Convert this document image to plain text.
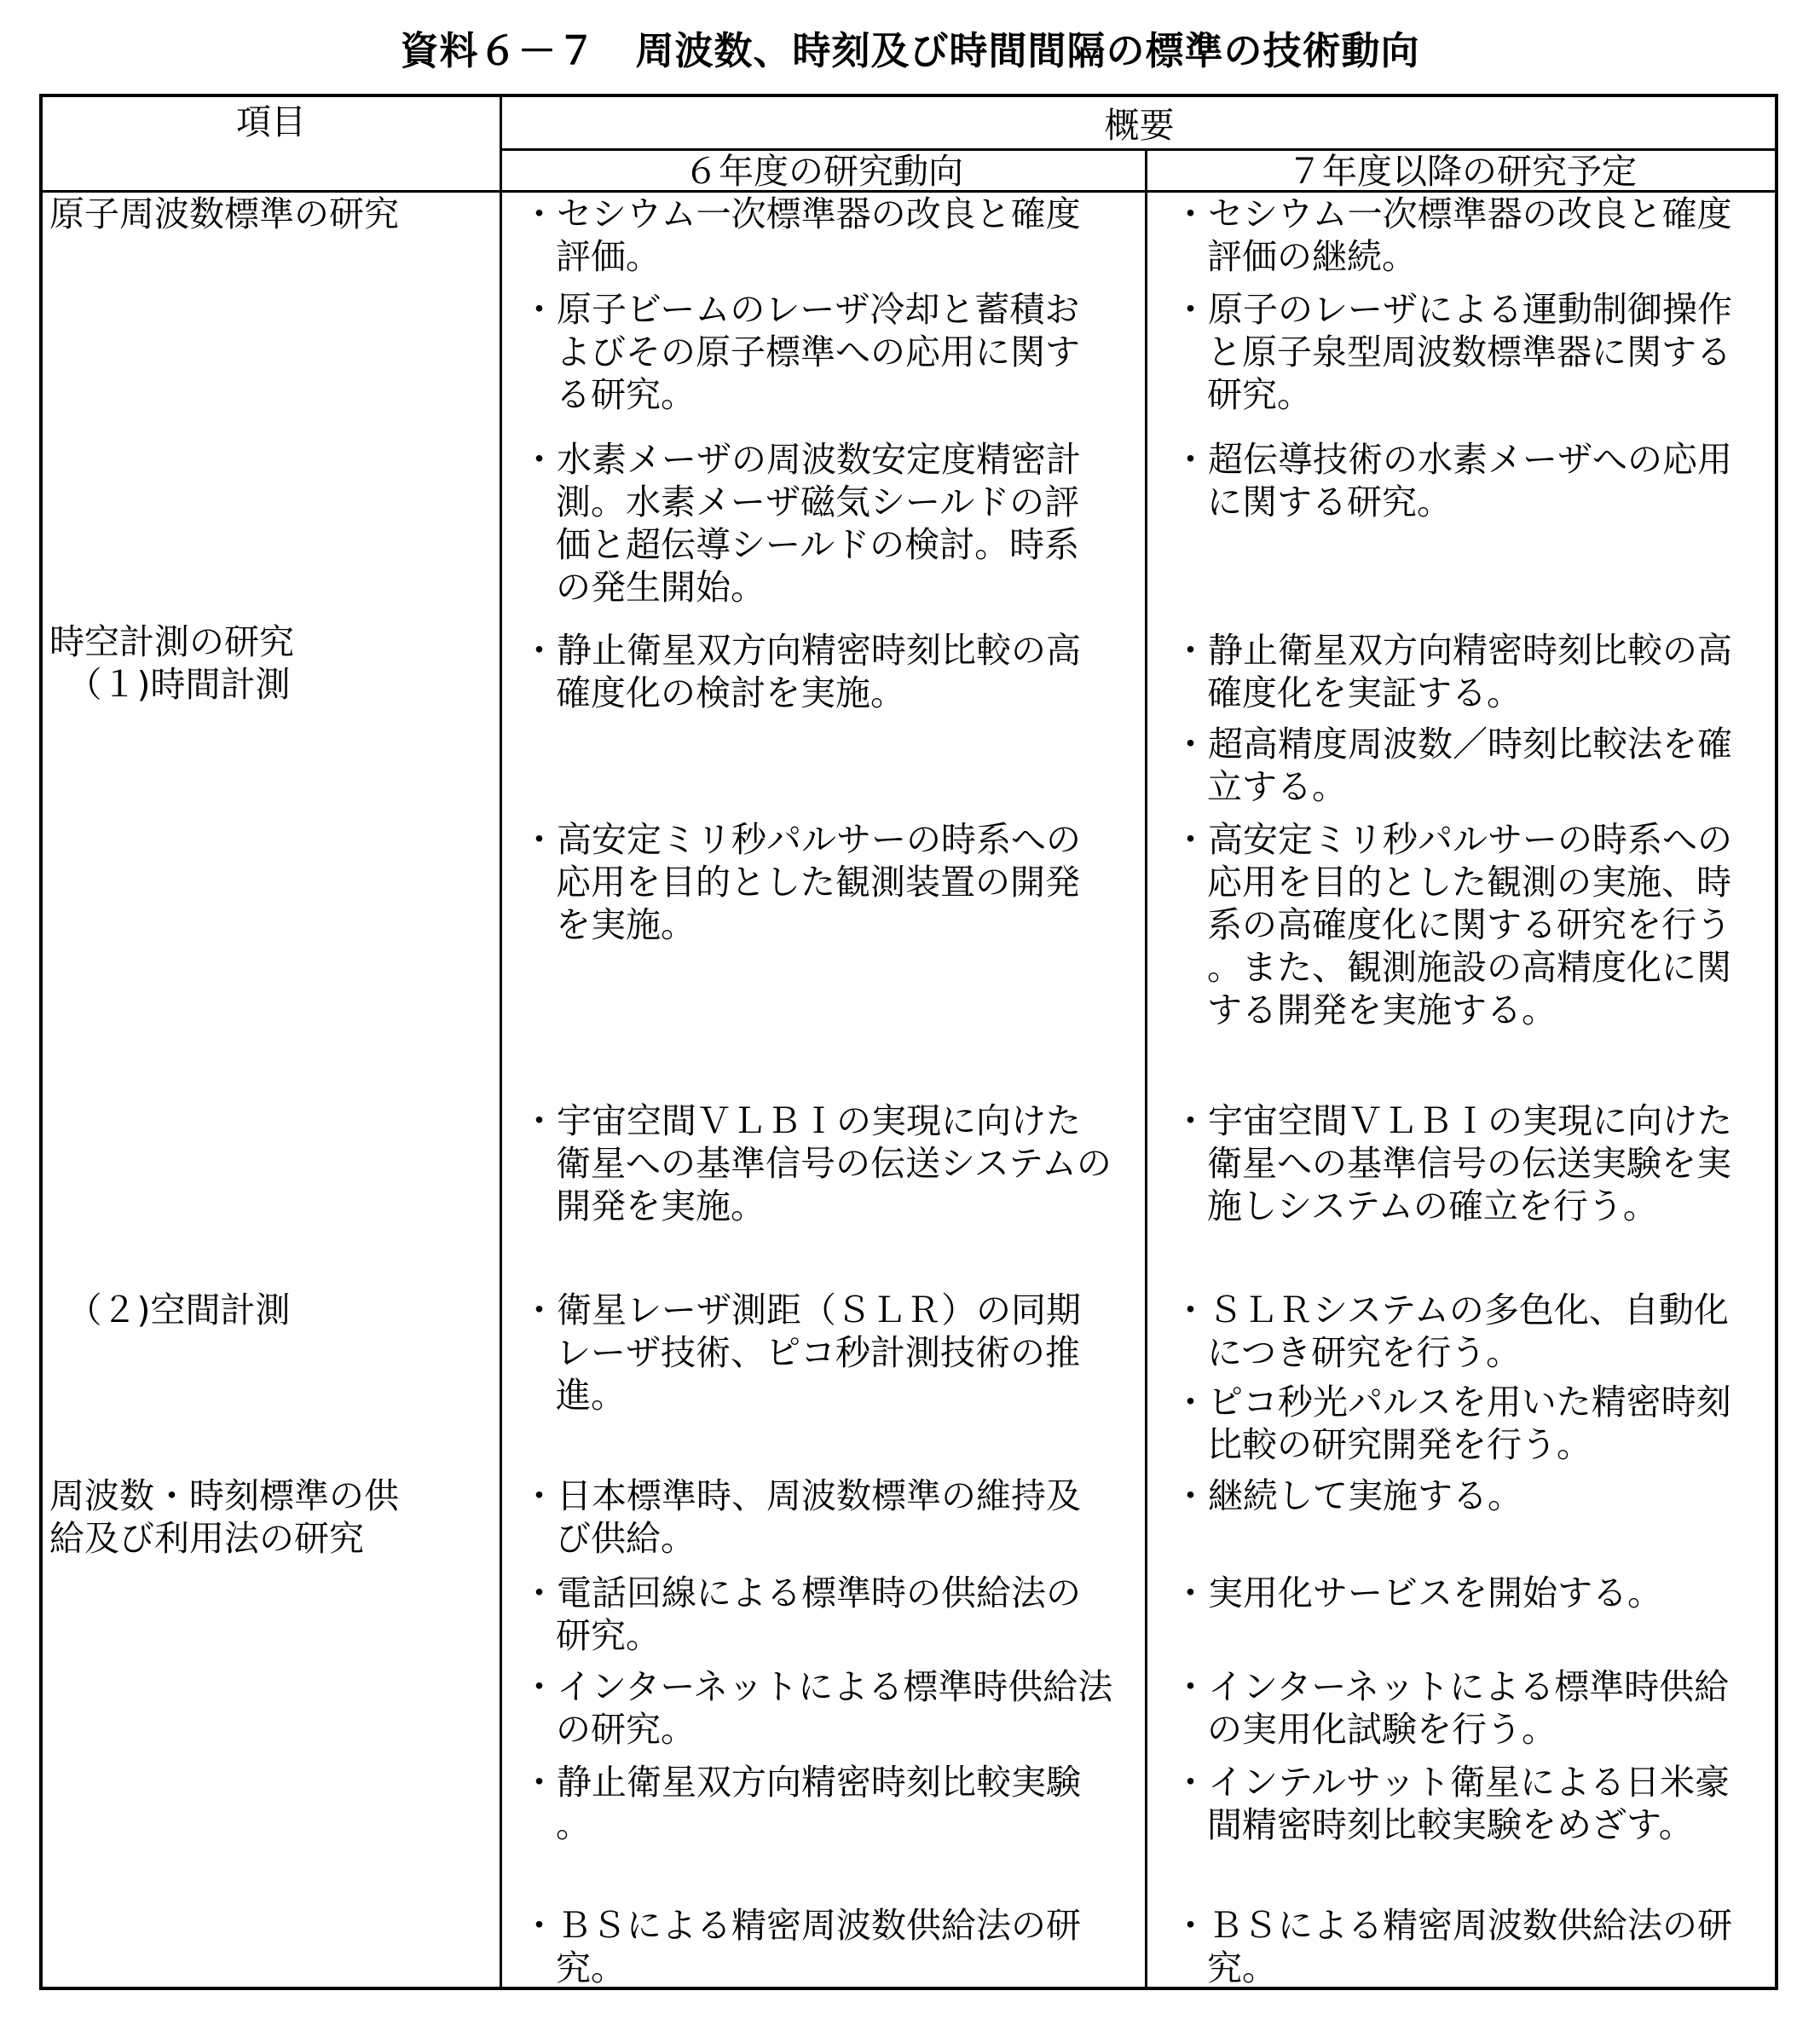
資料６－７　周波数、時刻及び時間間隔の標準の技術動向
項目	概要
６年度の研究動向	７年度以降の研究予定
原子周波数標準の研究
時空計測の研究
　（１)時間計測
　（２)空間計測
周波数・時刻標準の供
給及び利用法の研究
・セシウム一次標準器の改良と確度評価。
・原子ビームのレーザ冷却と蓄積およびその原子標準への応用に関する研究。
・水素メーザの周波数安定度精密計測。水素メーザ磁気シールドの評価と超伝導シールドの検討。時系の発生開始。
・静止衛星双方向精密時刻比較の高確度化の検討を実施。
・高安定ミリ秒パルサーの時系への応用を目的とした観測装置の開発を実施。
・宇宙空間ＶＬＢＩの実現に向けた衛星への基準信号の伝送システムの開発を実施。
・衛星レーザ測距（ＳＬＲ）の同期レーザ技術、ピコ秒計測技術の推進。
・日本標準時、周波数標準の維持及び供給。
・電話回線による標準時の供給法の研究。
・インターネットによる標準時供給法の研究。
・静止衛星双方向精密時刻比較実験。
・ＢＳによる精密周波数供給法の研究。
・セシウム一次標準器の改良と確度評価の継続。
・原子のレーザによる運動制御操作と原子泉型周波数標準器に関する研究。
・超伝導技術の水素メーザへの応用に関する研究。
・静止衛星双方向精密時刻比較の高確度化を実証する。
・超高精度周波数／時刻比較法を確立する。
・高安定ミリ秒パルサーの時系への応用を目的とした観測の実施、時系の高確度化に関する研究を行う。また、観測施設の高精度化に関する開発を実施する。
・宇宙空間ＶＬＢＩの実現に向けた衛星への基準信号の伝送実験を実施しシステムの確立を行う。
・ＳＬＲシステムの多色化、自動化につき研究を行う。
・ピコ秒光パルスを用いた精密時刻比較の研究開発を行う。
・継続して実施する。
・実用化サービスを開始する。
・インターネットによる標準時供給の実用化試験を行う。
・インテルサット衛星による日米豪間精密時刻比較実験をめざす。
・ＢＳによる精密周波数供給法の研究。
